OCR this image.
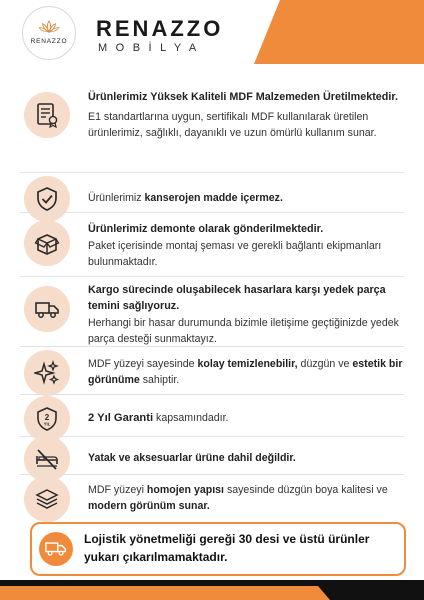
RENAZZO RENAZZO
MOBİLYA
Ürünlerimiz Yüksek Kaliteli MDF Malzemeden Üretilmektedir.
E1 standartlarına uygun, sertifikalı MDF kullanılarak üretilen ürünlerimiz, sağlıklı, dayanıklı ve uzun ömürlü kullanım sunar.
Ürünlerimiz kanserojen madde içermez.
Ürünlerimiz demonte olarak gönderilmektedir.
Paket içerisinde montaj şeması ve gerekli bağlantı ekipmanları bulunmaktadır.
Kargo sürecinde oluşabilecek hasarlara karşı yedek parça temini sağlıyoruz.
Herhangi bir hasar durumunda bizimle iletişime geçtiğinizde yedek parça desteği sunmaktayız.
MDF yüzeyi sayesinde kolay temizlenebilir, düzgün ve estetik bir görünüme sahiptir.
2
YIL	2 Yıl Garanti kapsamındadır.
Yatak ve aksesuarlar ürüne dahil değildir.
MDF yüzeyi homojen yapısı sayesinde düzgün boya kalitesi ve modern görünüm sunar.
Lojistik yönetmeliği gereği 30 desi ve üstü ürünler yukarı çıkarılmamaktadır.
